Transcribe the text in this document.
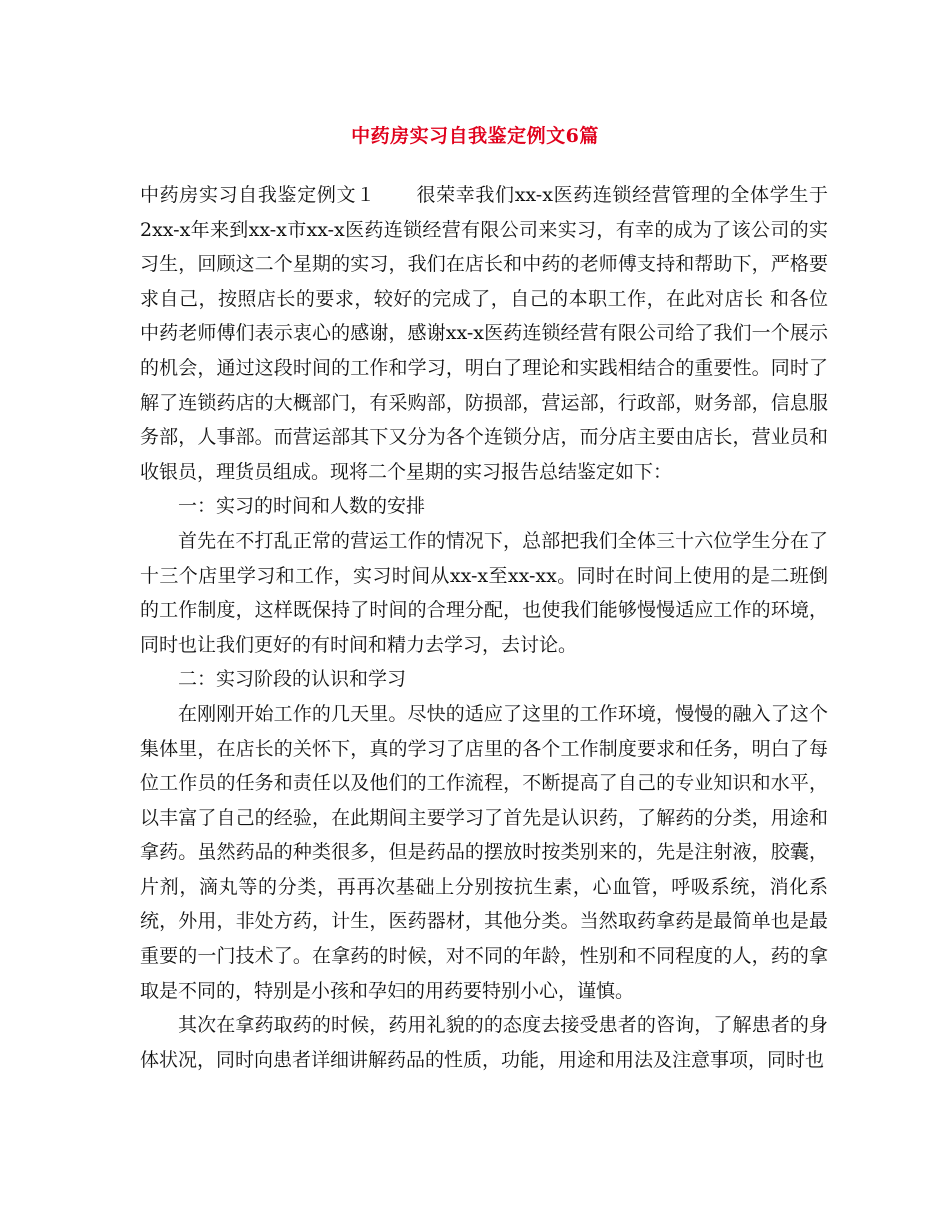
中药房实习自我鉴定例文6篇

中药房实习自我鉴定例文１ 很荣幸我们xx-x医药连锁经营管理的全体学生于2xx-x年来到xx-x市xx-x医药连锁经营有限公司来实习，有幸的成为了该公司的实习生，回顾这二个星期的实习，我们在店长和中药的老师傅支持和帮助下，严格要求自己，按照店长的要求，较好的完成了，自己的本职工作，在此对店长 和各位中药老师傅们表示衷心的感谢，感谢xx-x医药连锁经营有限公司给了我们一个展示的机会，通过这段时间的工作和学习，明白了理论和实践相结合的重要性。同时了解了连锁药店的大概部门，有采购部，防损部，营运部，行政部，财务部，信息服务部，人事部。而营运部其下又分为各个连锁分店，而分店主要由店长，营业员和收银员，理货员组成。现将二个星期的实习报告总结鉴定如下：

一：实习的时间和人数的安排

首先在不打乱正常的营运工作的情况下，总部把我们全体三十六位学生分在了十三个店里学习和工作，实习时间从xx-x至xx-xx。同时在时间上使用的是二班倒的工作制度，这样既保持了时间的合理分配，也使我们能够慢慢适应工作的环境，同时也让我们更好的有时间和精力去学习，去讨论。

二：实习阶段的认识和学习

在刚刚开始工作的几天里。尽快的适应了这里的工作环境，慢慢的融入了这个集体里，在店长的关怀下，真的学习了店里的各个工作制度要求和任务，明白了每位工作员的任务和责任以及他们的工作流程，不断提高了自己的专业知识和水平，以丰富了自己的经验，在此期间主要学习了首先是认识药，了解药的分类，用途和拿药。虽然药品的种类很多，但是药品的摆放时按类别来的，先是注射液，胶囊，片剂，滴丸等的分类，再再次基础上分别按抗生素，心血管，呼吸系统，消化系统，外用，非处方药，计生，医药器材，其他分类。当然取药拿药是最简单也是最重要的一门技术了。在拿药的时候，对不同的年龄，性别和不同程度的人，药的拿取是不同的，特别是小孩和孕妇的用药要特别小心，谨慎。

其次在拿药取药的时候，药用礼貌的的态度去接受患者的咨询，了解患者的身体状况，同时向患者详细讲解药品的性质，功能，用途和用法及注意事项，同时也
